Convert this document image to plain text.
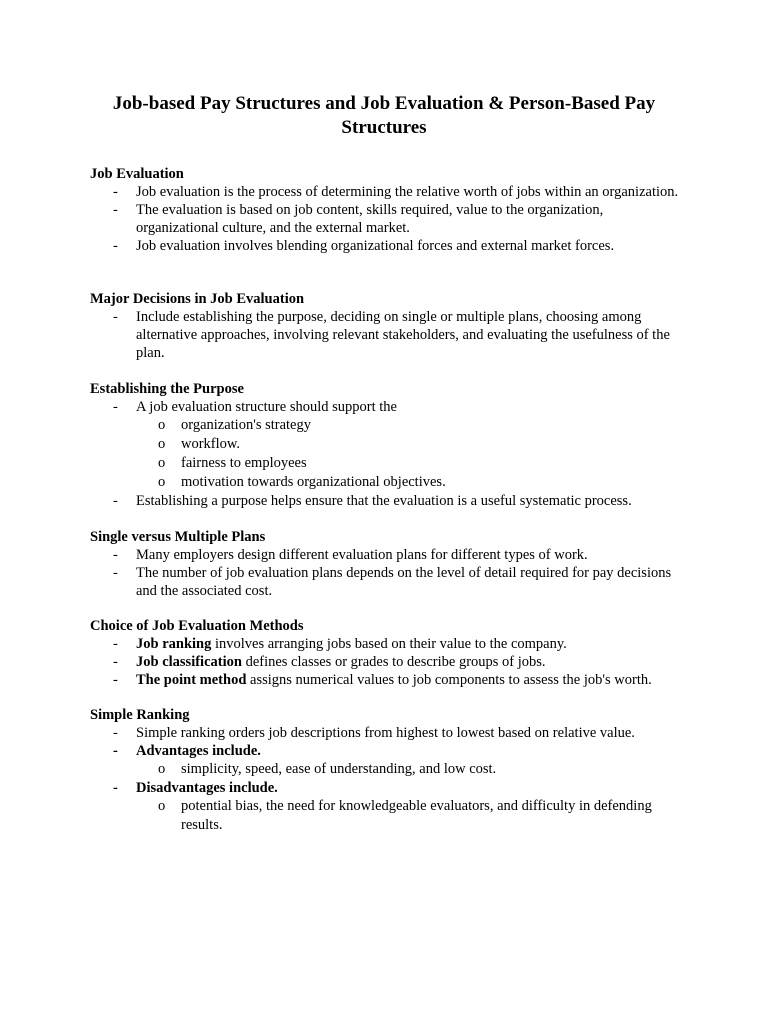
Job-based Pay Structures and Job Evaluation & Person-Based Pay Structures

Job Evaluation

- Job evaluation is the process of determining the relative worth of jobs within an organization.

- The evaluation is based on job content, skills required, value to the organization, organizational culture, and the external market.

- Job evaluation involves blending organizational forces and external market forces.

Major Decisions in Job Evaluation

- Include establishing the purpose, deciding on single or multiple plans, choosing among alternative approaches, involving relevant stakeholders, and evaluating the usefulness of the plan.

Establishing the Purpose

- A job evaluation structure should support the

o organization's strategy

o workflow.

o fairness to employees

o motivation towards organizational objectives.

- Establishing a purpose helps ensure that the evaluation is a useful systematic process.

Single versus Multiple Plans

- Many employers design different evaluation plans for different types of work.

- The number of job evaluation plans depends on the level of detail required for pay decisions and the associated cost.

Choice of Job Evaluation Methods

- Job ranking involves arranging jobs based on their value to the company.

- Job classification defines classes or grades to describe groups of jobs.

- The point method assigns numerical values to job components to assess the job's worth.

Simple Ranking

- Simple ranking orders job descriptions from highest to lowest based on relative value.

- Advantages include.

o simplicity, speed, ease of understanding, and low cost.

- Disadvantages include.

o potential bias, the need for knowledgeable evaluators, and difficulty in defending results.
